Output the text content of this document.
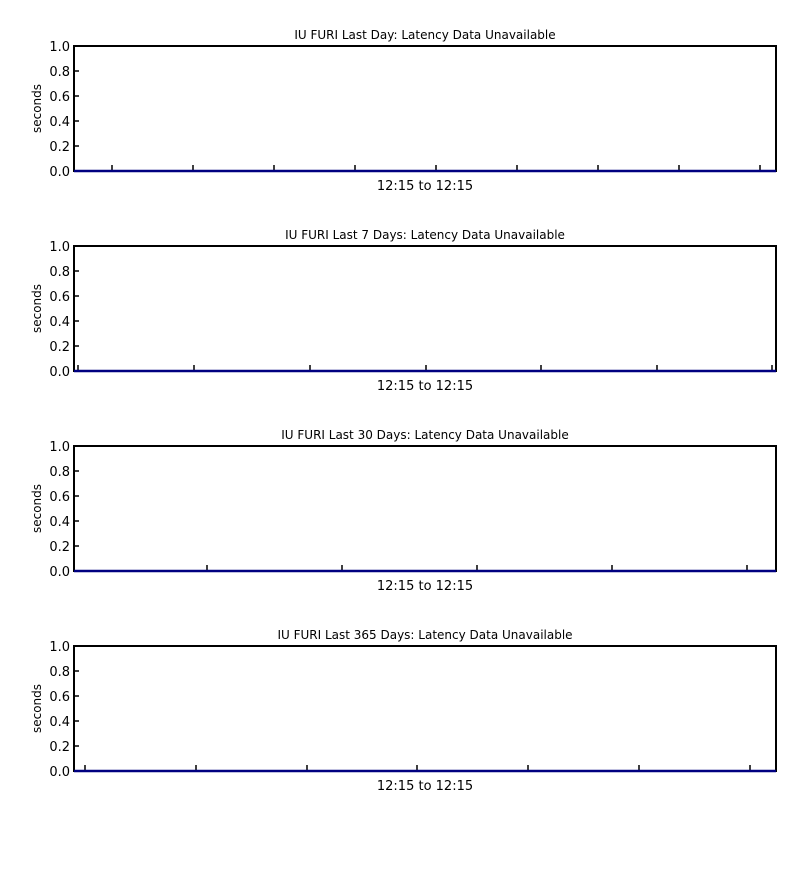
IU FURI Last Day: Latency Data Unavailable
0.0
0.2
0.4
0.6
0.8
1.0
seconds
12:15 to 12:15
IU FURI Last 7 Days: Latency Data Unavailable
0.0
0.2
0.4
0.6
0.8
1.0
seconds
12:15 to 12:15
IU FURI Last 30 Days: Latency Data Unavailable
0.0
0.2
0.4
0.6
0.8
1.0
seconds
12:15 to 12:15
IU FURI Last 365 Days: Latency Data Unavailable
0.0
0.2
0.4
0.6
0.8
1.0
seconds
12:15 to 12:15
